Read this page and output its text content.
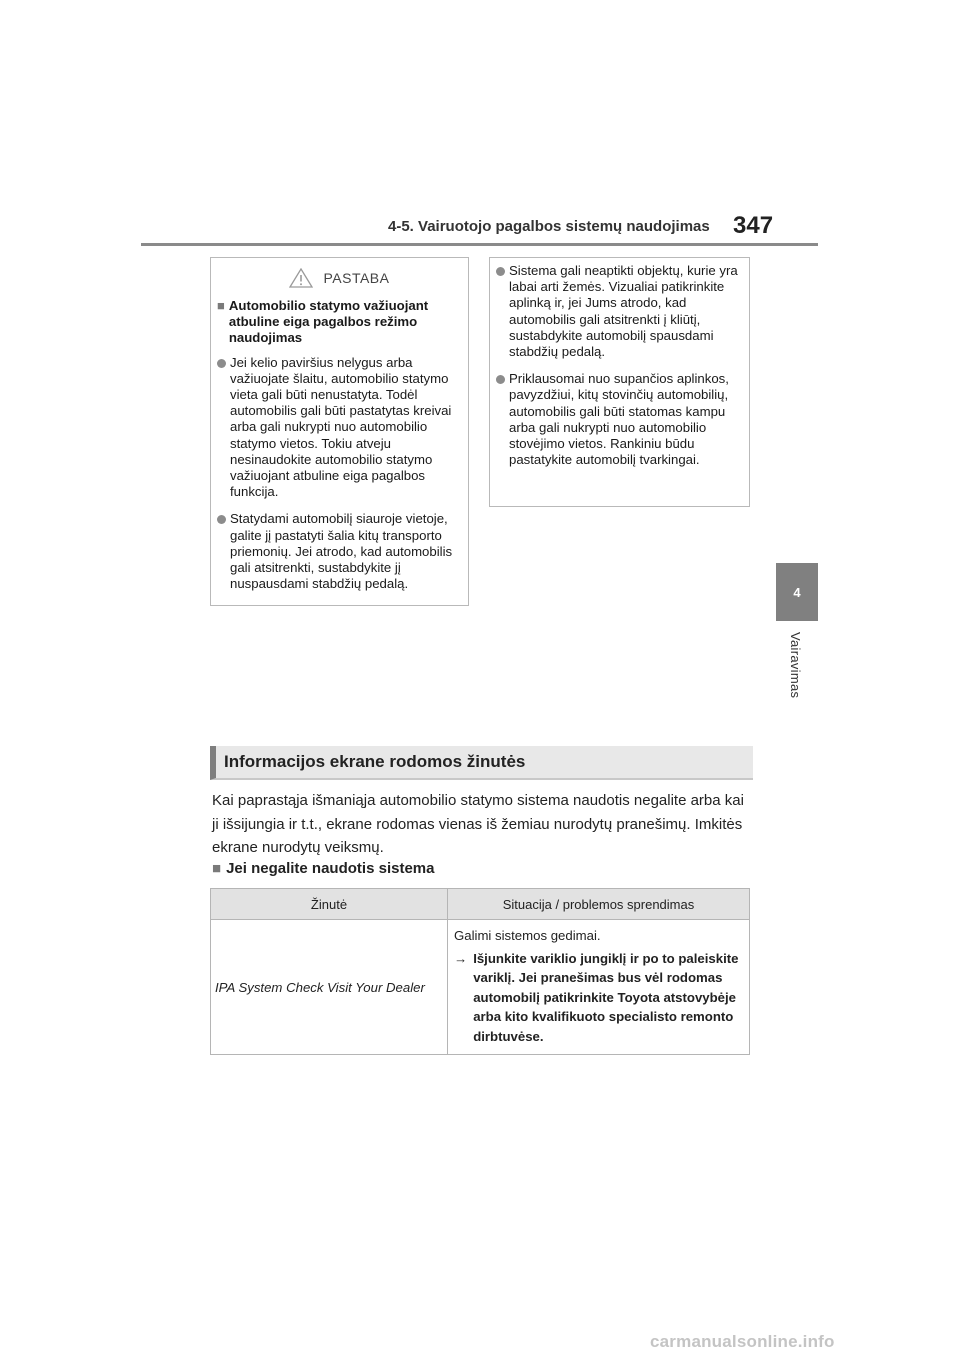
4-5. Vairuotojo pagalbos sistemų naudojimas 347
4
Vairavimas
PASTABA
■ Automobilio statymo važiuojant atbuline eiga pagalbos režimo naudojimas
Jei kelio paviršius nelygus arba važiuojate šlaitu, automobilio statymo vieta gali būti nenustatyta. Todėl automobilis gali būti pastatytas kreivai arba gali nukrypti nuo automobilio statymo vietos. Tokiu atveju nesinaudokite automobilio statymo važiuojant atbuline eiga pagalbos funkcija.
Statydami automobilį siauroje vietoje, galite jį pastatyti šalia kitų transporto priemonių. Jei atrodo, kad automobilis gali atsitrenkti, sustabdykite jį nuspausdami stabdžių pedalą.
Sistema gali neaptikti objektų, kurie yra labai arti žemės. Vizualiai patikrinkite aplinką ir, jei Jums atrodo, kad automobilis gali atsitrenkti į kliūtį, sustabdykite automobilį spausdami stabdžių pedalą.
Priklausomai nuo supančios aplinkos, pavyzdžiui, kitų stovinčių automobilių, automobilis gali būti statomas kampu arba gali nukrypti nuo automobilio stovėjimo vietos. Rankiniu būdu pastatykite automobilį tvarkingai.
Informacijos ekrane rodomos žinutės
Kai paprastąja išmaniąja automobilio statymo sistema naudotis negalite arba kai ji išsijungia ir t.t., ekrane rodomas vienas iš žemiau nurodytų pranešimų. Imkitės ekrane nurodytų veiksmų.
■ Jei negalite naudotis sistema
Žinutė	Situacija / problemos sprendimas
IPA System Check Visit Your Dealer	Galimi sistemos gedimai.
→ Išjunkite variklio jungiklį ir po to paleiskite variklį. Jei pranešimas bus vėl rodomas automobilį patikrinkite Toyota atstovybėje arba kito kvalifikuoto specialisto remonto dirbtuvėse.
carmanualsonline.info
